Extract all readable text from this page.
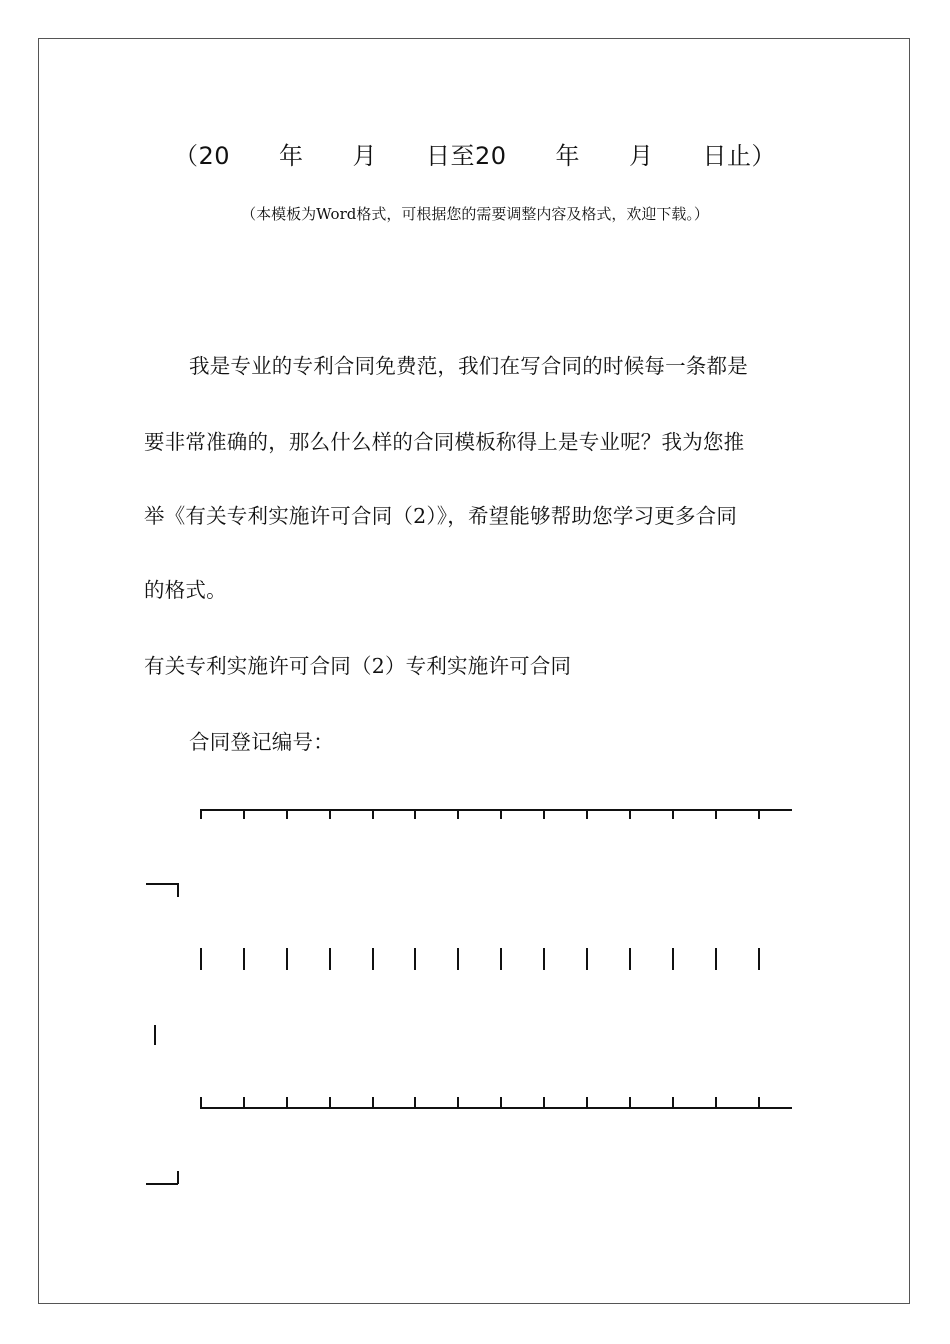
（20　　年　　月　　日至20　　年　　月　　日止）
（本模板为Word格式，可根据您的需要调整内容及格式，欢迎下载。）
我是专业的专利合同免费范，我们在写合同的时候每一条都是
要非常准确的，那么什么样的合同模板称得上是专业呢？我为您推
举《有关专利实施许可合同（2）》，希望能够帮助您学习更多合同
的格式。
有关专利实施许可合同（2）专利实施许可合同
合同登记编号：
